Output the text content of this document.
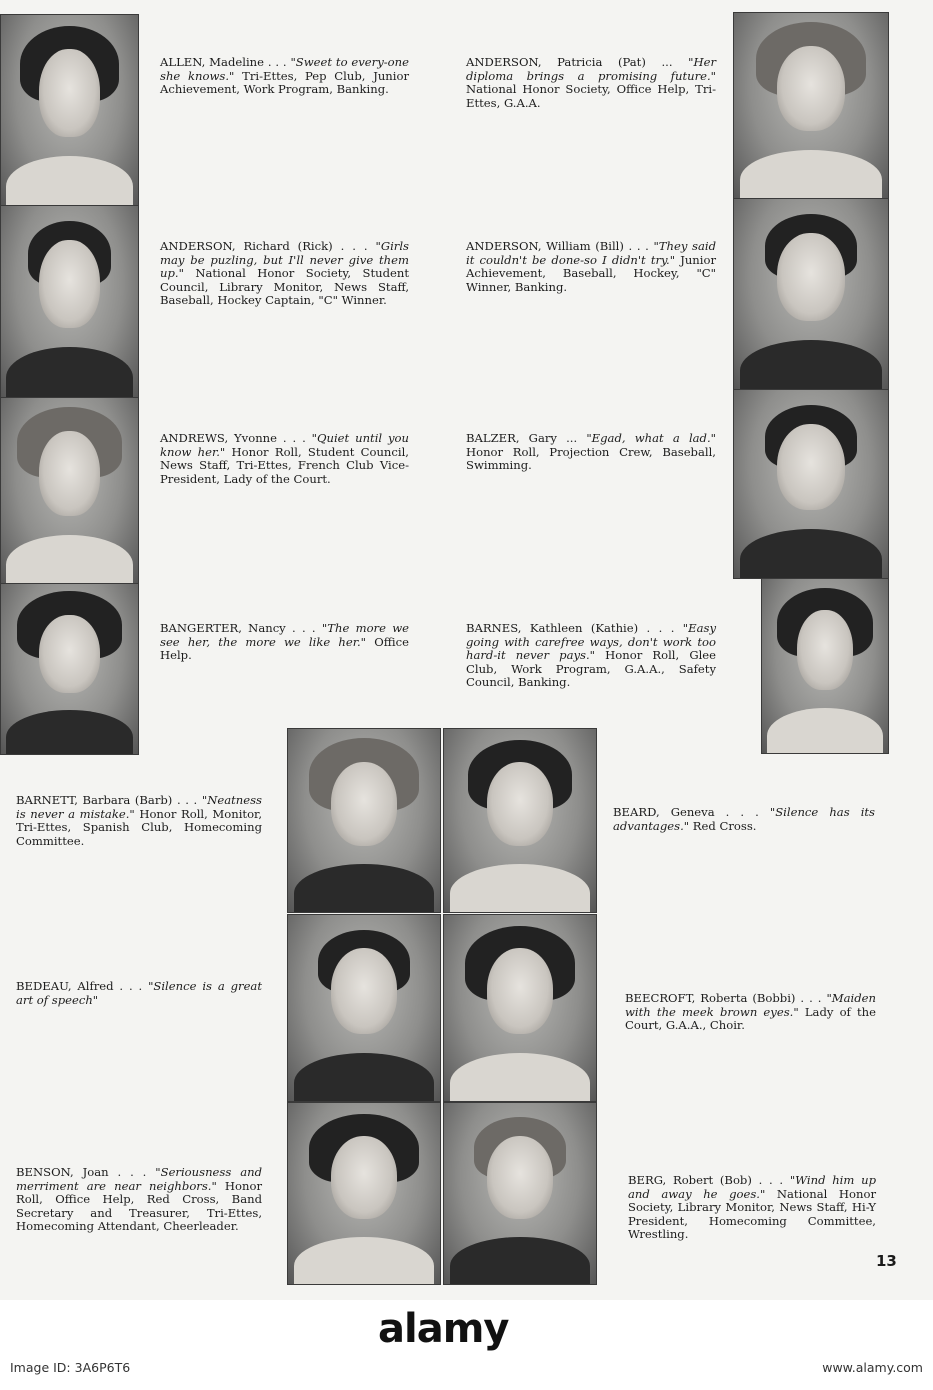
ALLEN, Madeline . . . "Sweet to every-one she knows." Tri-Ettes, Pep Club, Junior Achievement, Work Program, Banking.
ANDERSON, Patricia (Pat) ... "Her diploma brings a promising future." National Honor Society, Office Help, Tri-Ettes, G.A.A.
ANDERSON, Richard (Rick) . . . "Girls may be puzling, but I'll never give them up." National Honor Society, Student Council, Library Monitor, News Staff, Baseball, Hockey Captain, "C" Winner.
ANDERSON, William (Bill) . . . "They said it couldn't be done-so I didn't try." Junior Achievement, Baseball, Hockey, "C" Winner, Banking.
ANDREWS, Yvonne . . . "Quiet until you know her." Honor Roll, Student Council, News Staff, Tri-Ettes, French Club Vice-President, Lady of the Court.
BALZER, Gary ... "Egad, what a lad." Honor Roll, Projection Crew, Baseball, Swimming.
BANGERTER, Nancy . . . "The more we see her, the more we like her." Office Help.
BARNES, Kathleen (Kathie) . . . "Easy going with carefree ways, don't work too hard-it never pays." Honor Roll, Glee Club, Work Program, G.A.A., Safety Council, Banking.
BARNETT, Barbara (Barb) . . . "Neatness is never a mistake." Honor Roll, Monitor, Tri-Ettes, Spanish Club, Homecoming Committee.
BEARD, Geneva . . . "Silence has its advantages." Red Cross.
BEDEAU, Alfred . . . "Silence is a great art of speech"	BEECROFT, Roberta (Bobbi) . . . "Maiden with the meek brown eyes." Lady of the Court, G.A.A., Choir.
BENSON, Joan . . . "Seriousness and merriment are near neighbors." Honor Roll, Office Help, Red Cross, Band Secretary and Treasurer, Tri-Ettes, Homecoming Attendant, Cheerleader.
BERG, Robert (Bob) . . . "Wind him up and away he goes." National Honor Society, Library Monitor, News Staff, Hi-Y President, Homecoming Committee, Wrestling.
13
alamy
Image ID: 3A6P6T6	www.alamy.com
